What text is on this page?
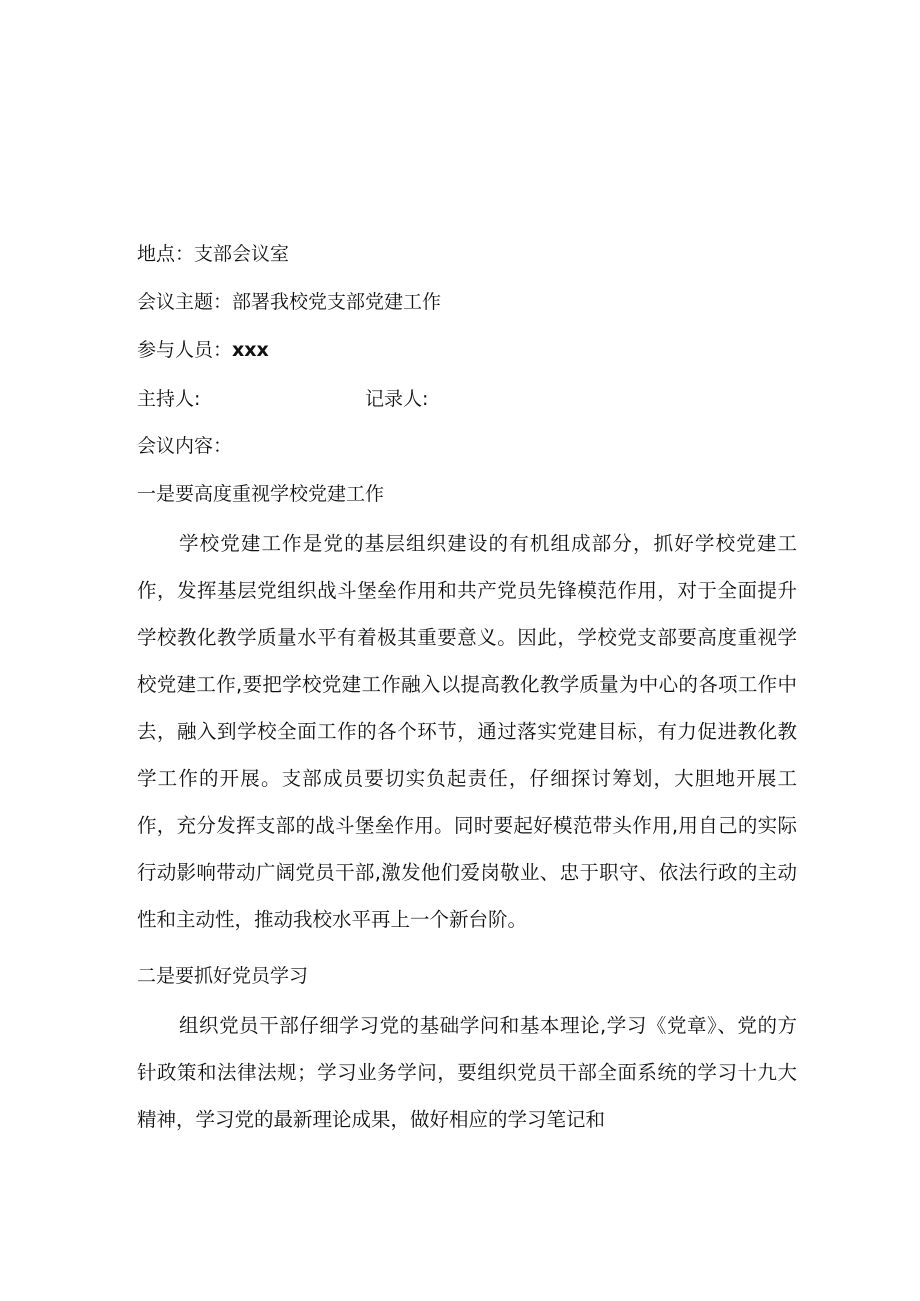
地点：支部会议室
会议主题：部署我校党支部党建工作
参与人员：xxx
主持人:	记录人:
会议内容：
一是要高度重视学校党建工作

学校党建工作是党的基层组织建设的有机组成部分，抓好学校党建工作，发挥基层党组织战斗堡垒作用和共产党员先锋模范作用，对于全面提升学校教化教学质量水平有着极其重要意义。因此，学校党支部要高度重视学校党建工作,要把学校党建工作融入以提高教化教学质量为中心的各项工作中去，融入到学校全面工作的各个环节，通过落实党建目标，有力促进教化教学工作的开展。支部成员要切实负起责任，仔细探讨筹划，大胆地开展工作，充分发挥支部的战斗堡垒作用。同时要起好模范带头作用,用自己的实际行动影响带动广阔党员干部,激发他们爱岗敬业、忠于职守、依法行政的主动性和主动性，推动我校水平再上一个新台阶。

二是要抓好党员学习

组织党员干部仔细学习党的基础学问和基本理论,学习《党章》、党的方针政策和法律法规；学习业务学问，要组织党员干部全面系统的学习十九大精神，学习党的最新理论成果，做好相应的学习笔记和
